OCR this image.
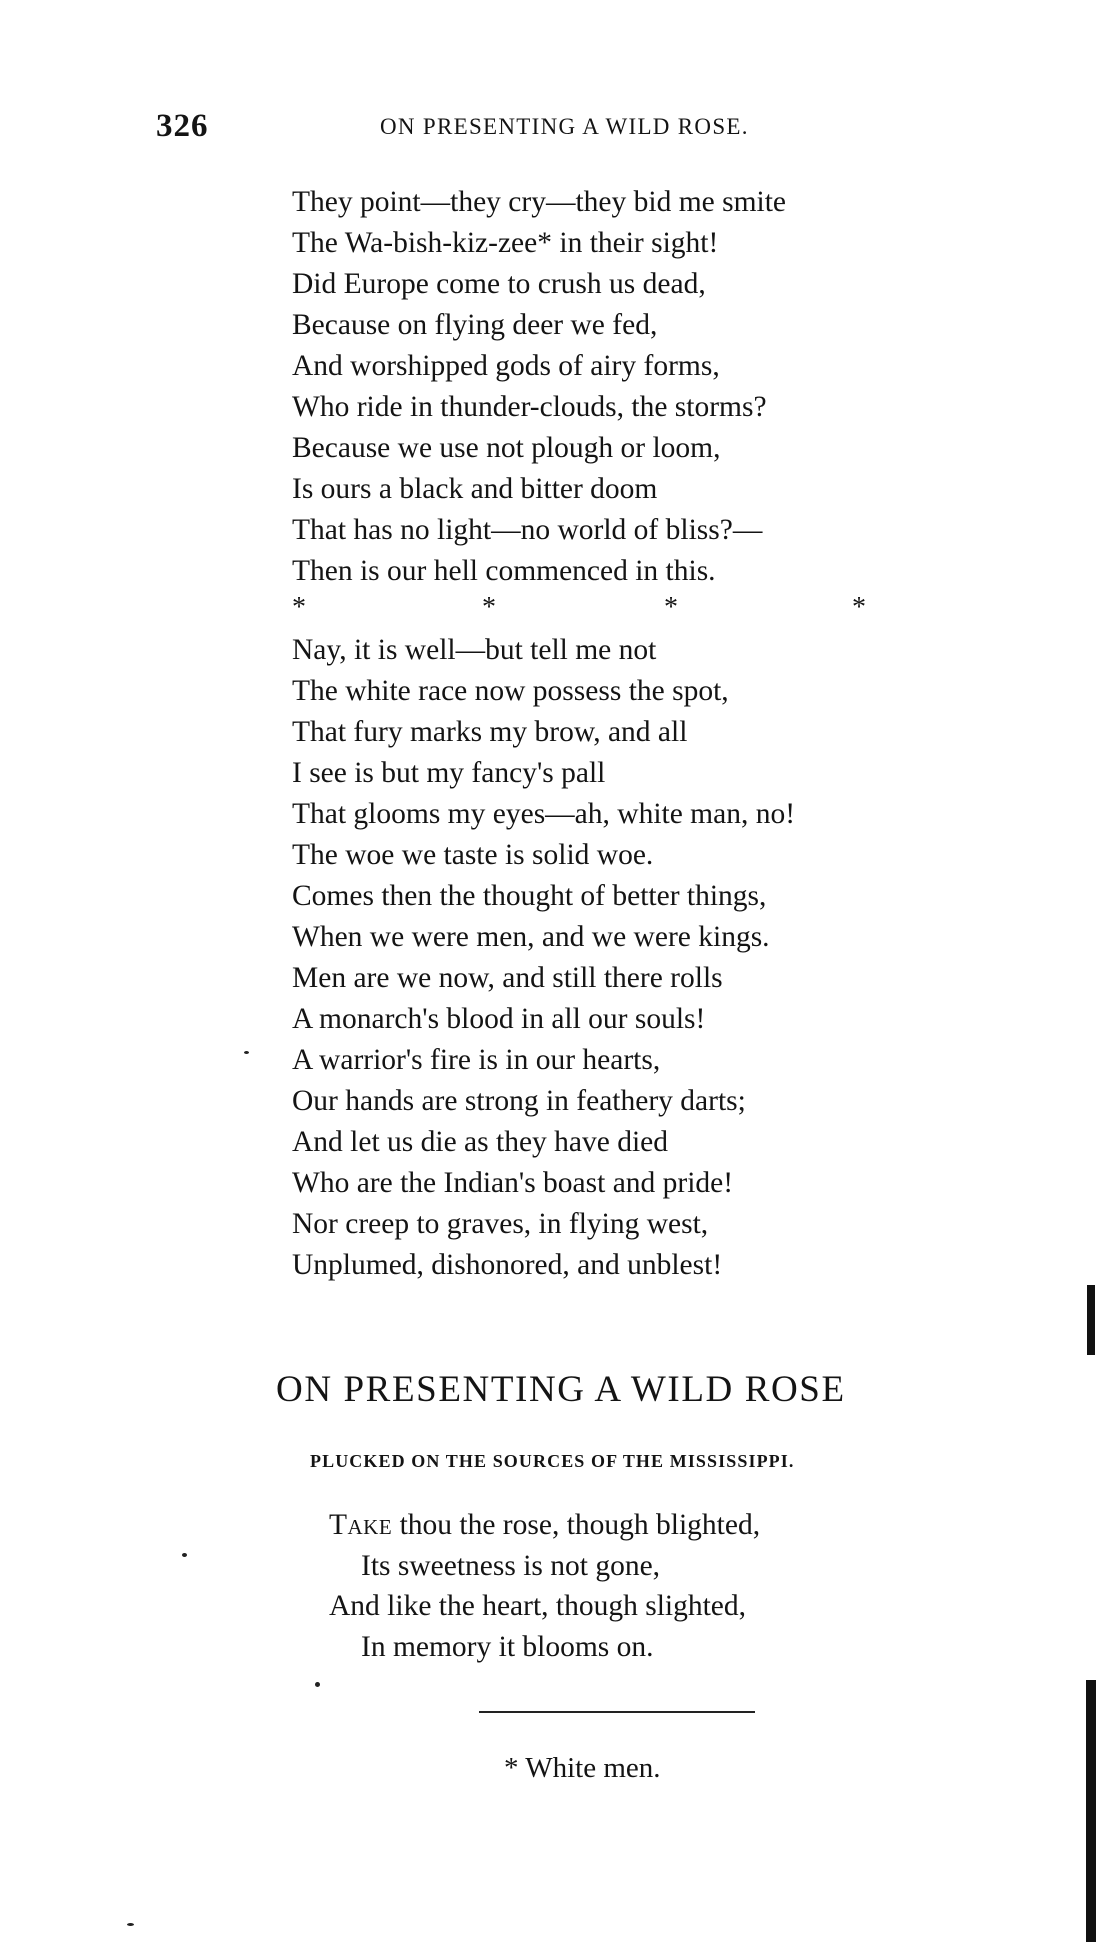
326	ON PRESENTING A WILD ROSE.
They point—they cry—they bid me smite
The Wa-bish-kiz-zee* in their sight!
Did Europe come to crush us dead,
Because on flying deer we fed,
And worshipped gods of airy forms,
Who ride in thunder-clouds, the storms?
Because we use not plough or loom,
Is ours a black and bitter doom
That has no light—no world of bliss?—
Then is our hell commenced in this.
*	*	*	*
Nay, it is well—but tell me not
The white race now possess the spot,
That fury marks my brow, and all
I see is but my fancy's pall
That glooms my eyes—ah, white man, no!
The woe we taste is solid woe.
Comes then the thought of better things,
When we were men, and we were kings.
Men are we now, and still there rolls
A monarch's blood in all our souls!
A warrior's fire is in our hearts,
Our hands are strong in feathery darts;
And let us die as they have died
Who are the Indian's boast and pride!
Nor creep to graves, in flying west,
Unplumed, dishonored, and unblest!
ON PRESENTING A WILD ROSE
PLUCKED ON THE SOURCES OF THE MISSISSIPPI.
Take thou the rose, though blighted,
Its sweetness is not gone,
And like the heart, though slighted,
In memory it blooms on.
* White men.
